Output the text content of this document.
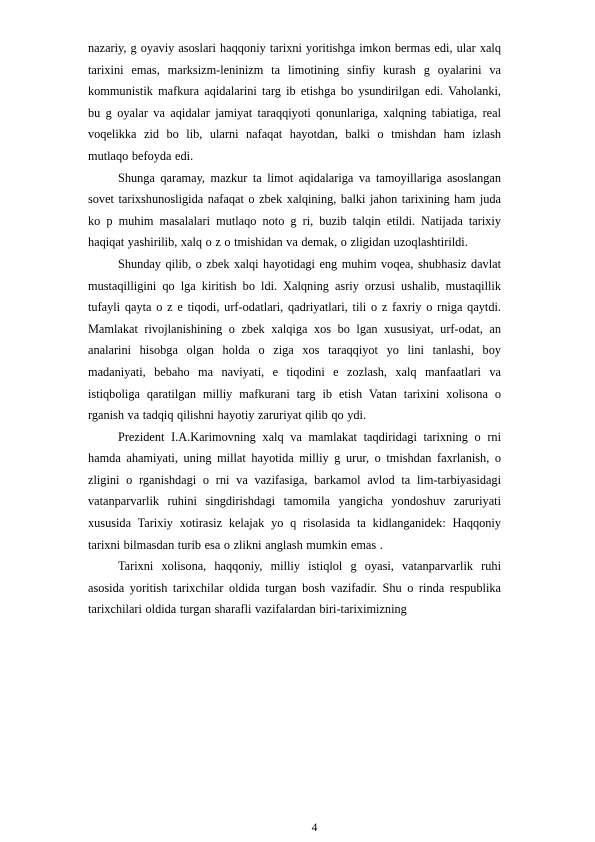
nazariy, g oyaviy asoslari haqqoniy tarixni yoritishga imkon bermas edi, ular xalq tarixini emas, marksizm-leninizm ta limotining sinfiy kurash g oyalarini va kommunistik mafkura aqidalarini targ ib etishga bo ysundirilgan edi. Vaholanki, bu g oyalar va aqidalar jamiyat taraqqiyoti qonunlariga, xalqning tabiatiga, real voqelikka zid bo lib, ularni nafaqat hayotdan, balki o tmishdan ham izlash mutlaqo befoyda edi.

Shunga qaramay, mazkur ta limot aqidalariga va tamoyillariga asoslangan sovet tarixshunosligida nafaqat o zbek xalqining, balki jahon tarixining ham juda ko p muhim masalalari mutlaqo noto g ri, buzib talqin etildi. Natijada tarixiy haqiqat yashirilib, xalq o z o tmishidan va demak, o zligidan uzoqlashtirildi.

Shunday qilib, o zbek xalqi hayotidagi eng muhim voqea, shubhasiz davlat mustaqilligini qo lga kiritish bo ldi. Xalqning asriy orzusi ushalib, mustaqillik tufayli qayta o z e tiqodi, urf-odatlari, qadriyatlari, tili o z faxriy o rniga qaytdi. Mamlakat rivojlanishining o zbek xalqiga xos bo lgan xususiyat, urf-odat, an analarini hisobga olgan holda o ziga xos taraqqiyot yo lini tanlashi, boy madaniyati, bebaho ma naviyati, e tiqodini e zozlash, xalq manfaatlari va istiqboliga qaratilgan milliy mafkurani targ ib etish Vatan tarixini xolisona o rganish va tadqiq qilishni hayotiy zaruriyat qilib qo ydi.

Prezident I.A.Karimovning xalq va mamlakat taqdiridagi tarixning o rni hamda ahamiyati, uning millat hayotida milliy g urur, o tmishdan faxrlanish, o zligini o rganishdagi o rni va vazifasiga, barkamol avlod ta lim-tarbiyasidagi vatanparvarlik ruhini singdirishdagi tamomila yangicha yondoshuv zaruriyati xususida Tarixiy xotirasiz kelajak yo q risolasida ta kidlanganidek: Haqqoniy tarixni bilmasdan turib esa o zlikni anglash mumkin emas .

Tarixni xolisona, haqqoniy, milliy istiqlol g oyasi, vatanparvarlik ruhi asosida yoritish tarixchilar oldida turgan bosh vazifadir. Shu o rinda respublika tarixchilari oldida turgan sharafli vazifalardan biri-tariximizning

4
